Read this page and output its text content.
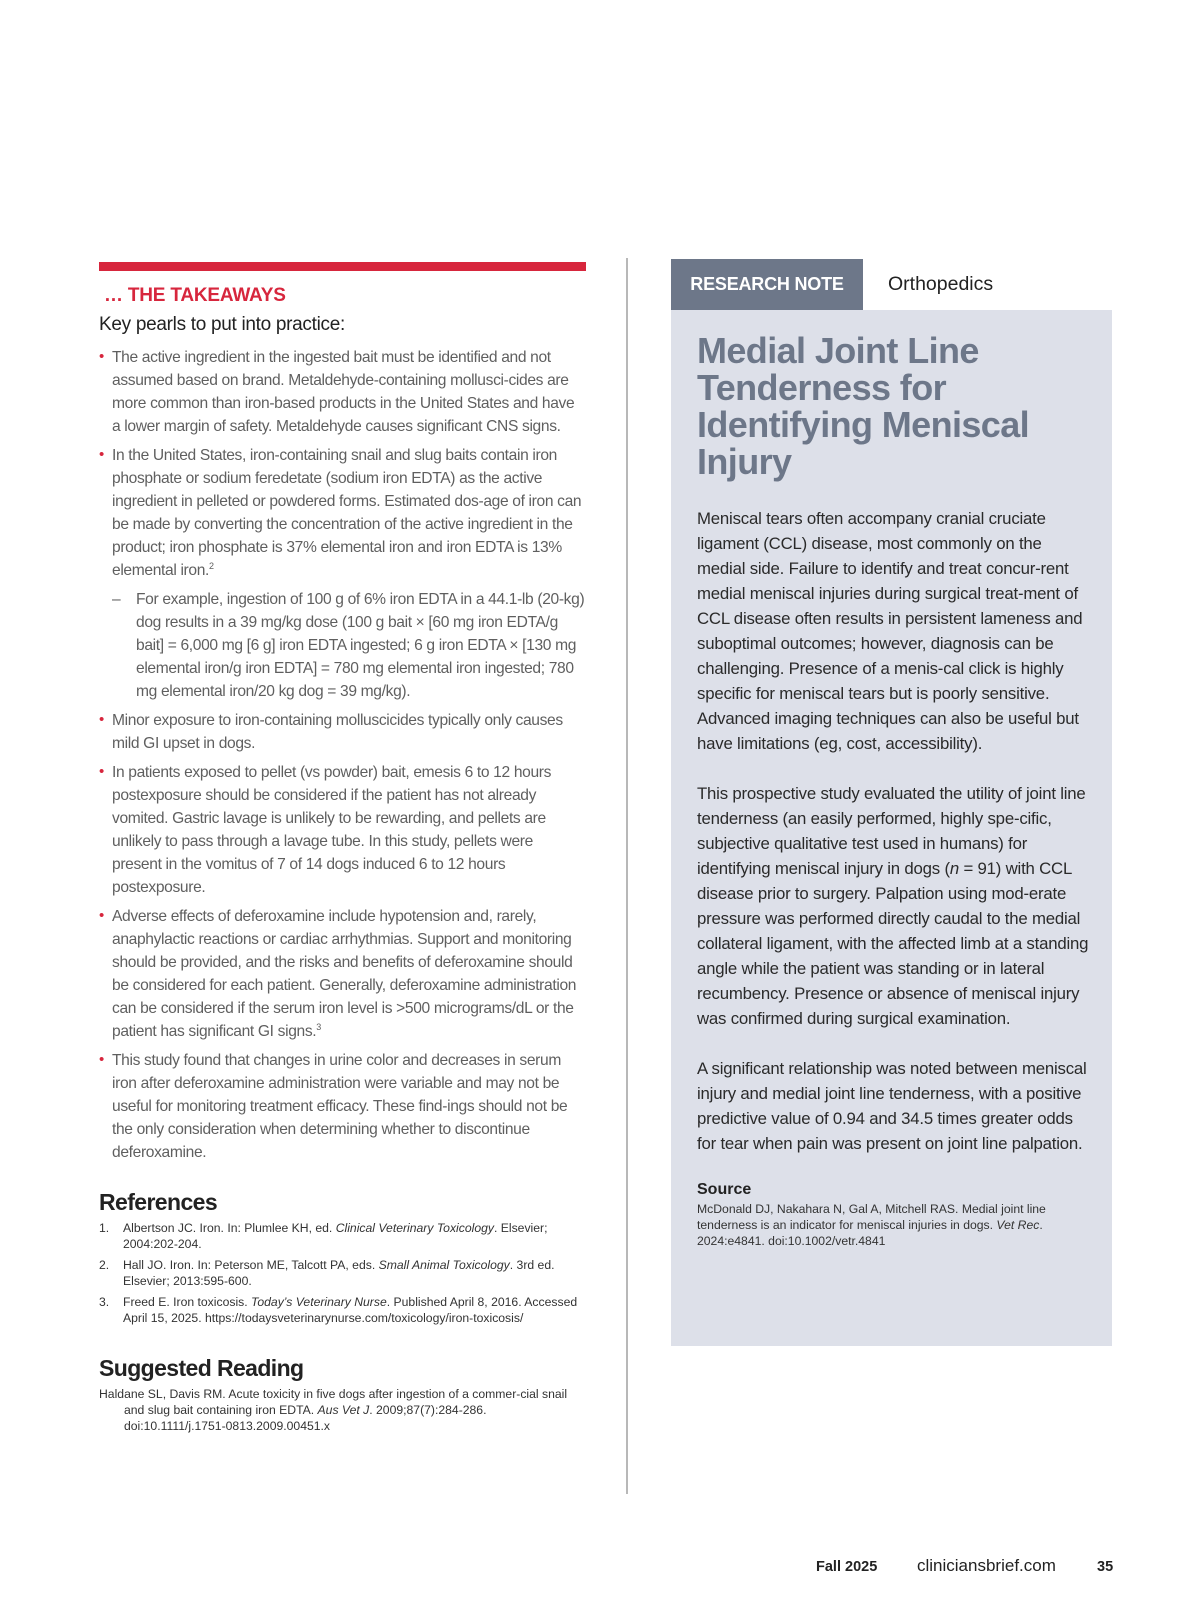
… THE TAKEAWAYS
Key pearls to put into practice:
• The active ingredient in the ingested bait must be identified and not assumed based on brand. Metaldehyde-containing mollusci-cides are more common than iron-based products in the United States and have a lower margin of safety. Metaldehyde causes significant CNS signs.
• In the United States, iron-containing snail and slug baits contain iron phosphate or sodium feredetate (sodium iron EDTA) as the active ingredient in pelleted or powdered forms. Estimated dos-age of iron can be made by converting the concentration of the active ingredient in the product; iron phosphate is 37% elemental iron and iron EDTA is 13% elemental iron.$^2$
– For example, ingestion of 100 g of 6% iron EDTA in a 44.1-lb (20-kg) dog results in a 39 mg/kg dose (100 g bait × [60 mg iron EDTA/g bait] = 6,000 mg [6 g] iron EDTA ingested; 6 g iron EDTA × [130 mg elemental iron/g iron EDTA] = 780 mg elemental iron ingested; 780 mg elemental iron/20 kg dog = 39 mg/kg).
• Minor exposure to iron-containing molluscicides typically only causes mild GI upset in dogs.
• In patients exposed to pellet (vs powder) bait, emesis 6 to 12 hours postexposure should be considered if the patient has not already vomited. Gastric lavage is unlikely to be rewarding, and pellets are unlikely to pass through a lavage tube. In this study, pellets were present in the vomitus of 7 of 14 dogs induced 6 to 12 hours postexposure.
• Adverse effects of deferoxamine include hypotension and, rarely, anaphylactic reactions or cardiac arrhythmias. Support and monitoring should be provided, and the risks and benefits of deferoxamine should be considered for each patient. Generally, deferoxamine administration can be considered if the serum iron level is >500 micrograms/dL or the patient has significant GI signs.$^3$
• This study found that changes in urine color and decreases in serum iron after deferoxamine administration were variable and may not be useful for monitoring treatment efficacy. These find-ings should not be the only consideration when determining whether to discontinue deferoxamine.
References
1. Albertson JC. Iron. In: Plumlee KH, ed. Clinical Veterinary Toxicology. Elsevier; 2004:202-204.
2. Hall JO. Iron. In: Peterson ME, Talcott PA, eds. Small Animal Toxicology. 3rd ed. Elsevier; 2013:595-600.
3. Freed E. Iron toxicosis. Today’s Veterinary Nurse. Published April 8, 2016. Accessed April 15, 2025. https://todaysveterinarynurse.com/toxicology/iron-toxicosis/
Suggested Reading
Haldane SL, Davis RM. Acute toxicity in five dogs after ingestion of a commer-cial snail and slug bait containing iron EDTA. Aus Vet J. 2009;87(7):284-286. doi:10.1111/j.1751-0813.2009.00451.x
RESEARCH NOTE	Orthopedics
Medial Joint Line Tenderness for Identifying Meniscal Injury

Meniscal tears often accompany cranial cruciate ligament (CCL) disease, most commonly on the medial side. Failure to identify and treat concur-rent medial meniscal injuries during surgical treat-ment of CCL disease often results in persistent lameness and suboptimal outcomes; however, diagnosis can be challenging. Presence of a menis-cal click is highly specific for meniscal tears but is poorly sensitive. Advanced imaging techniques can also be useful but have limitations (eg, cost, accessibility).

This prospective study evaluated the utility of joint line tenderness (an easily performed, highly spe-cific, subjective qualitative test used in humans) for identifying meniscal injury in dogs (n = 91) with CCL disease prior to surgery. Palpation using mod-erate pressure was performed directly caudal to the medial collateral ligament, with the affected limb at a standing angle while the patient was standing or in lateral recumbency. Presence or absence of meniscal injury was confirmed during surgical examination.

A significant relationship was noted between meniscal injury and medial joint line tenderness, with a positive predictive value of 0.94 and 34.5 times greater odds for tear when pain was present on joint line palpation.

Source
McDonald DJ, Nakahara N, Gal A, Mitchell RAS. Medial joint line tenderness is an indicator for meniscal injuries in dogs. Vet Rec. 2024:e4841. doi:10.1002/vetr.4841
Fall 2025 cliniciansbrief.com	35
